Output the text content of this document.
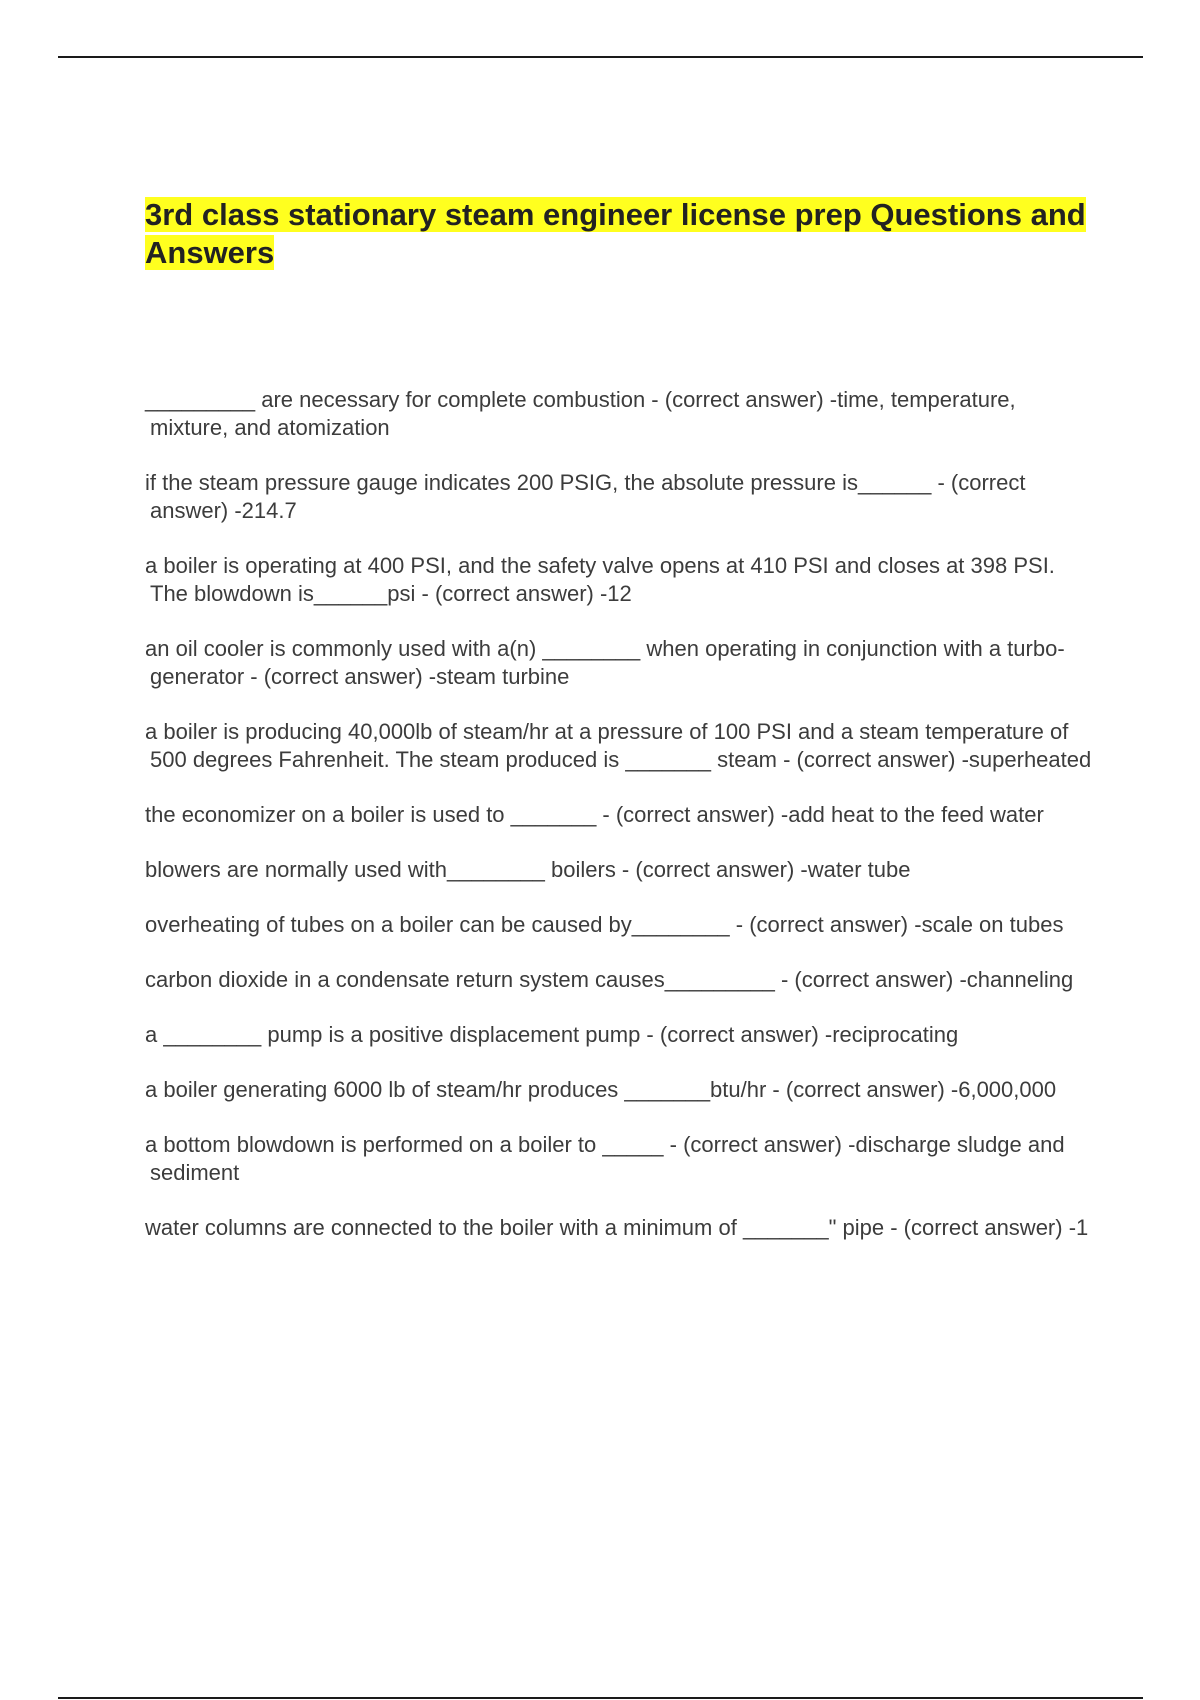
3rd class stationary steam engineer license prep Questions and Answers
_________ are necessary for complete combustion - (correct answer) -time, temperature, mixture, and atomization
if the steam pressure gauge indicates 200 PSIG, the absolute pressure is______ - (correct answer) -214.7
a boiler is operating at 400 PSI, and the safety valve opens at 410 PSI and closes at 398 PSI. The blowdown is______psi - (correct answer) -12
an oil cooler is commonly used with a(n) ________ when operating in conjunction with a turbo-generator - (correct answer) -steam turbine
a boiler is producing 40,000lb of steam/hr at a pressure of 100 PSI and a steam temperature of 500 degrees Fahrenheit. The steam produced is _______ steam - (correct answer) -superheated
the economizer on a boiler is used to _______ - (correct answer) -add heat to the feed water
blowers are normally used with________ boilers - (correct answer) -water tube
overheating of tubes on a boiler can be caused by________ - (correct answer) -scale on tubes
carbon dioxide in a condensate return system causes_________ - (correct answer) -channeling
a ________ pump is a positive displacement pump - (correct answer) -reciprocating
a boiler generating 6000 lb of steam/hr produces _______btu/hr - (correct answer) -6,000,000
a bottom blowdown is performed on a boiler to _____ - (correct answer) -discharge sludge and sediment
water columns are connected to the boiler with a minimum of _______" pipe - (correct answer) -1
